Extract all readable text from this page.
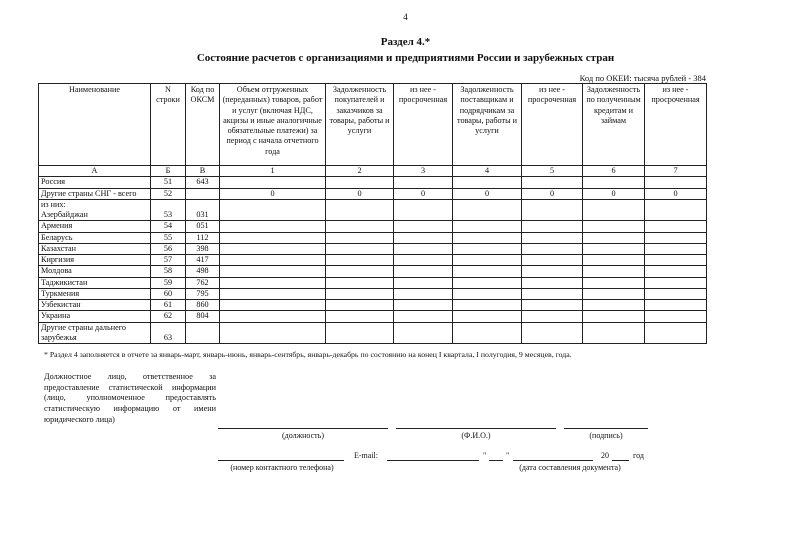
4
Раздел 4.*
Состояние расчетов с организациями и предприятиями России и зарубежных стран
Код по ОКЕИ: тысяча рублей - 384
Наименование	N строки	Код по ОКСМ	Объем отгруженных (переданных) товаров, работ и услуг (включая НДС, акцизы и иные аналогичные обязательные платежи) за период с начала отчетного года	Задолженность покупателей и заказчиков за товары, работы и услуги	из нее - просроченная	Задолженность поставщикам и подрядчикам за товары, работы и услуги	из нее - просроченная	Задолженность по полученным кредитам и займам	из нее - просроченная
А	Б	В	1	2	3	4	5	6	7

Россия	51	643							

Другие страны СНГ - всего	52		0	0	0	0	0	0	0

из них:
Азербайджан	53	031							

Армения	54	051							

Беларусь	55	112							

Казахстан	56	398							

Киргизия	57	417							

Молдова	58	498							

Таджикистан	59	762							

Туркмения	60	795							

Узбекистан	61	860							

Украина	62	804							

Другие страны дальнего
зарубежья	63								
* Раздел 4 заполняется в отчете за январь-март, январь-июнь, январь-сентябрь, январь-декабрь по состоянию на конец I квартала, I полугодия, 9 месяцев, года.
Должностное лицо, ответственное за предоставление статистической информации (лицо, уполномоченное предоставлять статистическую информацию от имени юридического лица)
(должность)	(Ф.И.О.)	(подпись)
(номер контактного телефона)
E-mail:	" "	20	год
(дата составления документа)
